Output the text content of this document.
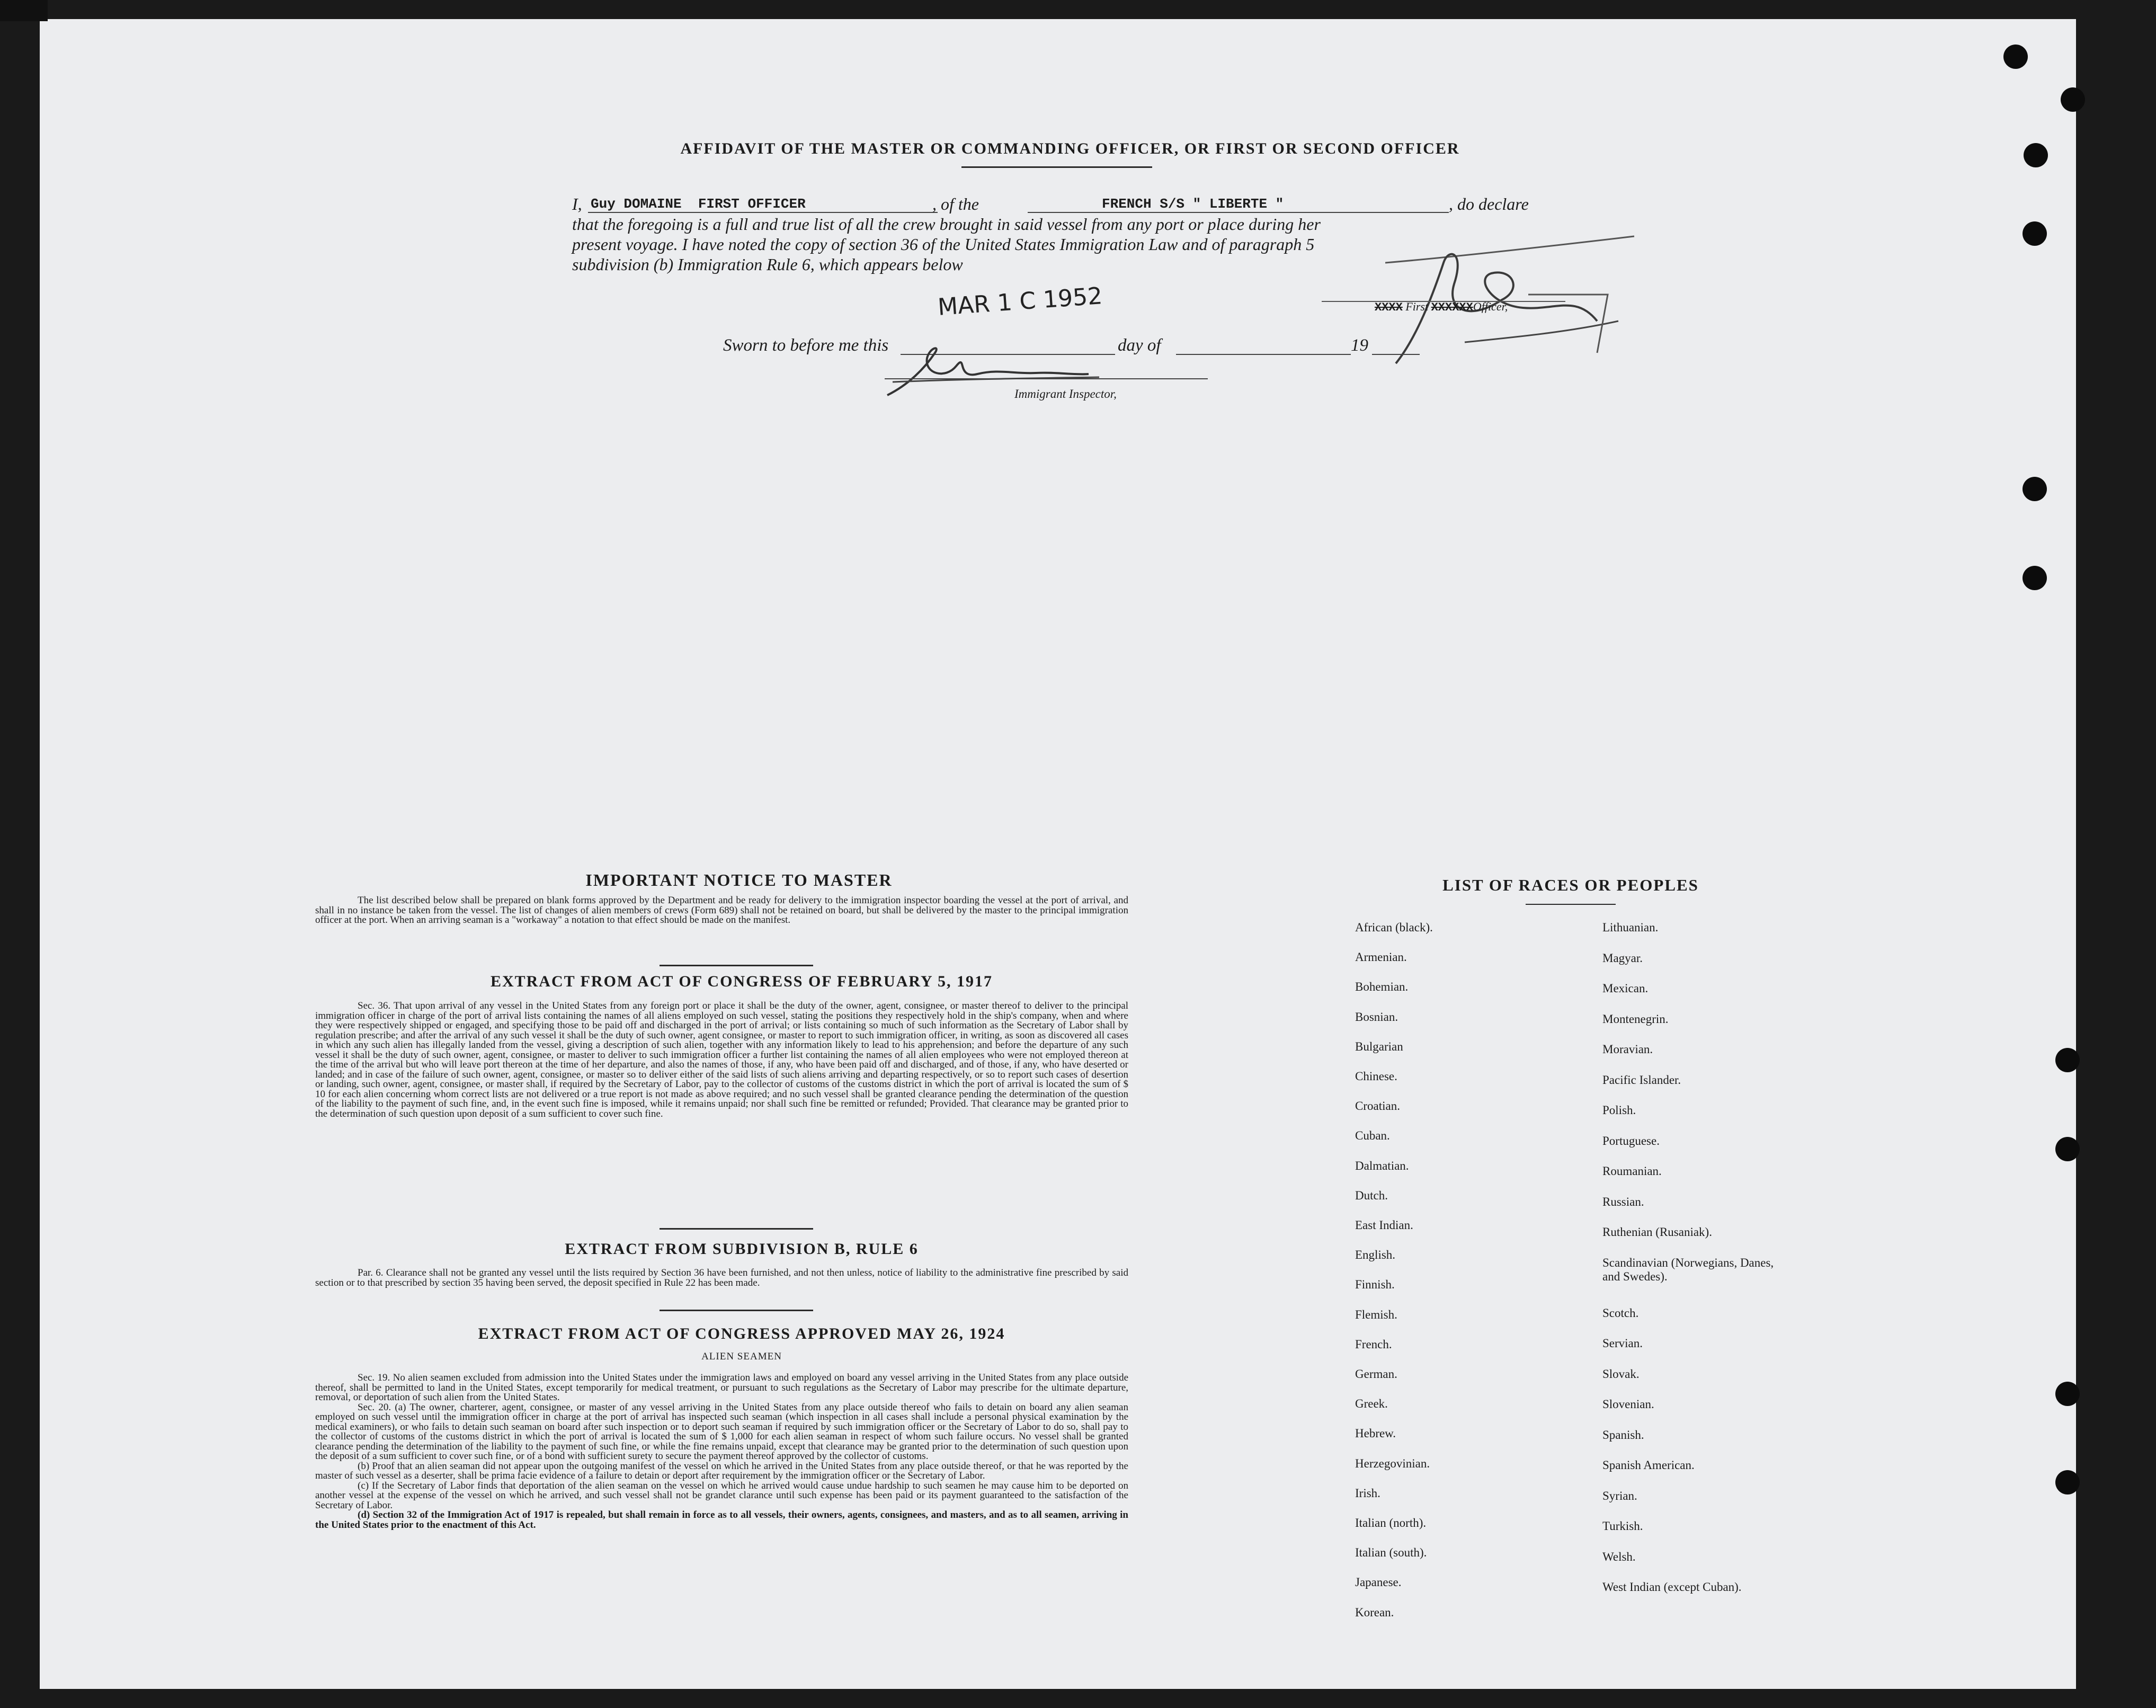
AFFIDAVIT OF THE MASTER OR COMMANDING OFFICER, OR FIRST OR SECOND OFFICER
I, Guy DOMAINE  FIRST OFFICER	, of the	FRENCH S/S " LIBERTE "	, do declare
that the foregoing is a full and true list of all the crew brought in said vessel from any port or place during her
present voyage. I have noted the copy of section 36 of the United States Immigration Law and of paragraph 5
subdivision (b) Immigration Rule 6, which appears below
XXXX First XXXXXXOfficer,
MAR 1 C 1952
Sworn to before me this	day of	19
Immigrant Inspector,
IMPORTANT NOTICE TO MASTER
The list described below shall be prepared on blank forms approved by the Department and be ready for delivery to the immigration inspector boarding the vessel at the port of arrival, and shall in no instance be taken from the vessel. The list of changes of alien members of crews (Form 689) shall not be retained on board, but shall be delivered by the master to the principal immigration officer at the port. When an arriving seaman is a "workaway" a notation to that effect should be made on the manifest.
EXTRACT FROM ACT OF CONGRESS OF FEBRUARY 5, 1917
Sec. 36. That upon arrival of any vessel in the United States from any foreign port or place it shall be the duty of the owner, agent, consignee, or master thereof to deliver to the principal immigration officer in charge of the port of arrival lists containing the names of all aliens employed on such vessel, stating the positions they respectively hold in the ship's company, when and where they were respectively shipped or engaged, and specifying those to be paid off and discharged in the port of arrival; or lists containing so much of such information as the Secretary of Labor shall by regulation prescribe; and after the arrival of any such vessel it shall be the duty of such owner, agent consignee, or master to report to such immigration officer, in writing, as soon as discovered all cases in which any such alien has illegally landed from the vessel, giving a description of such alien, together with any information likely to lead to his apprehension; and before the departure of any such vessel it shall be the duty of such owner, agent, consignee, or master to deliver to such immigration officer a further list containing the names of all alien employees who were not employed thereon at the time of the arrival but who will leave port thereon at the time of her departure, and also the names of those, if any, who have been paid off and discharged, and of those, if any, who have deserted or landed; and in case of the failure of such owner, agent, consignee, or master so to deliver either of the said lists of such aliens arriving and departing respectively, or so to report such cases of desertion or landing, such owner, agent, consignee, or master shall, if required by the Secretary of Labor, pay to the collector of customs of the customs district in which the port of arrival is located the sum of $ 10 for each alien concerning whom correct lists are not delivered or a true report is not made as above required; and no such vessel shall be granted clearance pending the determination of the question of the liability to the payment of such fine, and, in the event such fine is imposed, while it remains unpaid; nor shall such fine be remitted or refunded; Provided. That clearance may be granted prior to the determination of such question upon deposit of a sum sufficient to cover such fine.
EXTRACT FROM SUBDIVISION B, RULE 6
Par. 6. Clearance shall not be granted any vessel until the lists required by Section 36 have been furnished, and not then unless, notice of liability to the administrative fine prescribed by said section or to that prescribed by section 35 having been served, the deposit specified in Rule 22 has been made.
EXTRACT FROM ACT OF CONGRESS APPROVED MAY 26, 1924
ALIEN SEAMEN
Sec. 19. No alien seamen excluded from admission into the United States under the immigration laws and employed on board any vessel arriving in the United States from any place outside thereof, shall be permitted to land in the United States, except temporarily for medical treatment, or pursuant to such regulations as the Secretary of Labor may prescribe for the ultimate departure, removal, or deportation of such alien from the United States.
Sec. 20. (a) The owner, charterer, agent, consignee, or master of any vessel arriving in the United States from any place outside thereof who fails to detain on board any alien seaman employed on such vessel until the immigration officer in charge at the port of arrival has inspected such seaman (which inspection in all cases shall include a personal physical examination by the medical examiners), or who fails to detain such seaman on board after such inspection or to deport such seaman if required by such immigration officer or the Secretary of Labor to do so, shall pay to the collector of customs of the customs district in which the port of arrival is located the sum of $ 1,000 for each alien seaman in respect of whom such failure occurs. No vessel shall be granted clearance pending the determination of the liability to the payment of such fine, or while the fine remains unpaid, except that clearance may be granted prior to the determination of such question upon the deposit of a sum sufficient to cover such fine, or of a bond with sufficient surety to secure the payment thereof approved by the collector of customs.
(b) Proof that an alien seaman did not appear upon the outgoing manifest of the vessel on which he arrived in the United States from any place outside thereof, or that he was reported by the master of such vessel as a deserter, shall be prima facie evidence of a failure to detain or deport after requirement by the immigration officer or the Secretary of Labor.
(c) If the Secretary of Labor finds that deportation of the alien seaman on the vessel on which he arrived would cause undue hardship to such seamen he may cause him to be deported on another vessel at the expense of the vessel on which he arrived, and such vessel shall not be grandet clarance until such expense has been paid or its payment guaranteed to the satisfaction of the Secretary of Labor.
(d) Section 32 of the Immigration Act of 1917 is repealed, but shall remain in force as to all vessels, their owners, agents, consignees, and masters, and as to all seamen, arriving in the United States prior to the enactment of this Act.
LIST OF RACES OR PEOPLES
African (black).
Armenian.
Bohemian.
Bosnian.
Bulgarian
Chinese.
Croatian.
Cuban.
Dalmatian.
Dutch.
East Indian.
English.
Finnish.
Flemish.
French.
German.
Greek.
Hebrew.
Herzegovinian.
Irish.
Italian (north).
Italian (south).
Japanese.
Korean.
Lithuanian.
Magyar.
Mexican.
Montenegrin.
Moravian.
Pacific Islander.
Polish.
Portuguese.
Roumanian.
Russian.
Ruthenian (Rusaniak).
Scandinavian (Norwegians, Danes, and Swedes).
Scotch.
Servian.
Slovak.
Slovenian.
Spanish.
Spanish American.
Syrian.
Turkish.
Welsh.
West Indian (except Cuban).
